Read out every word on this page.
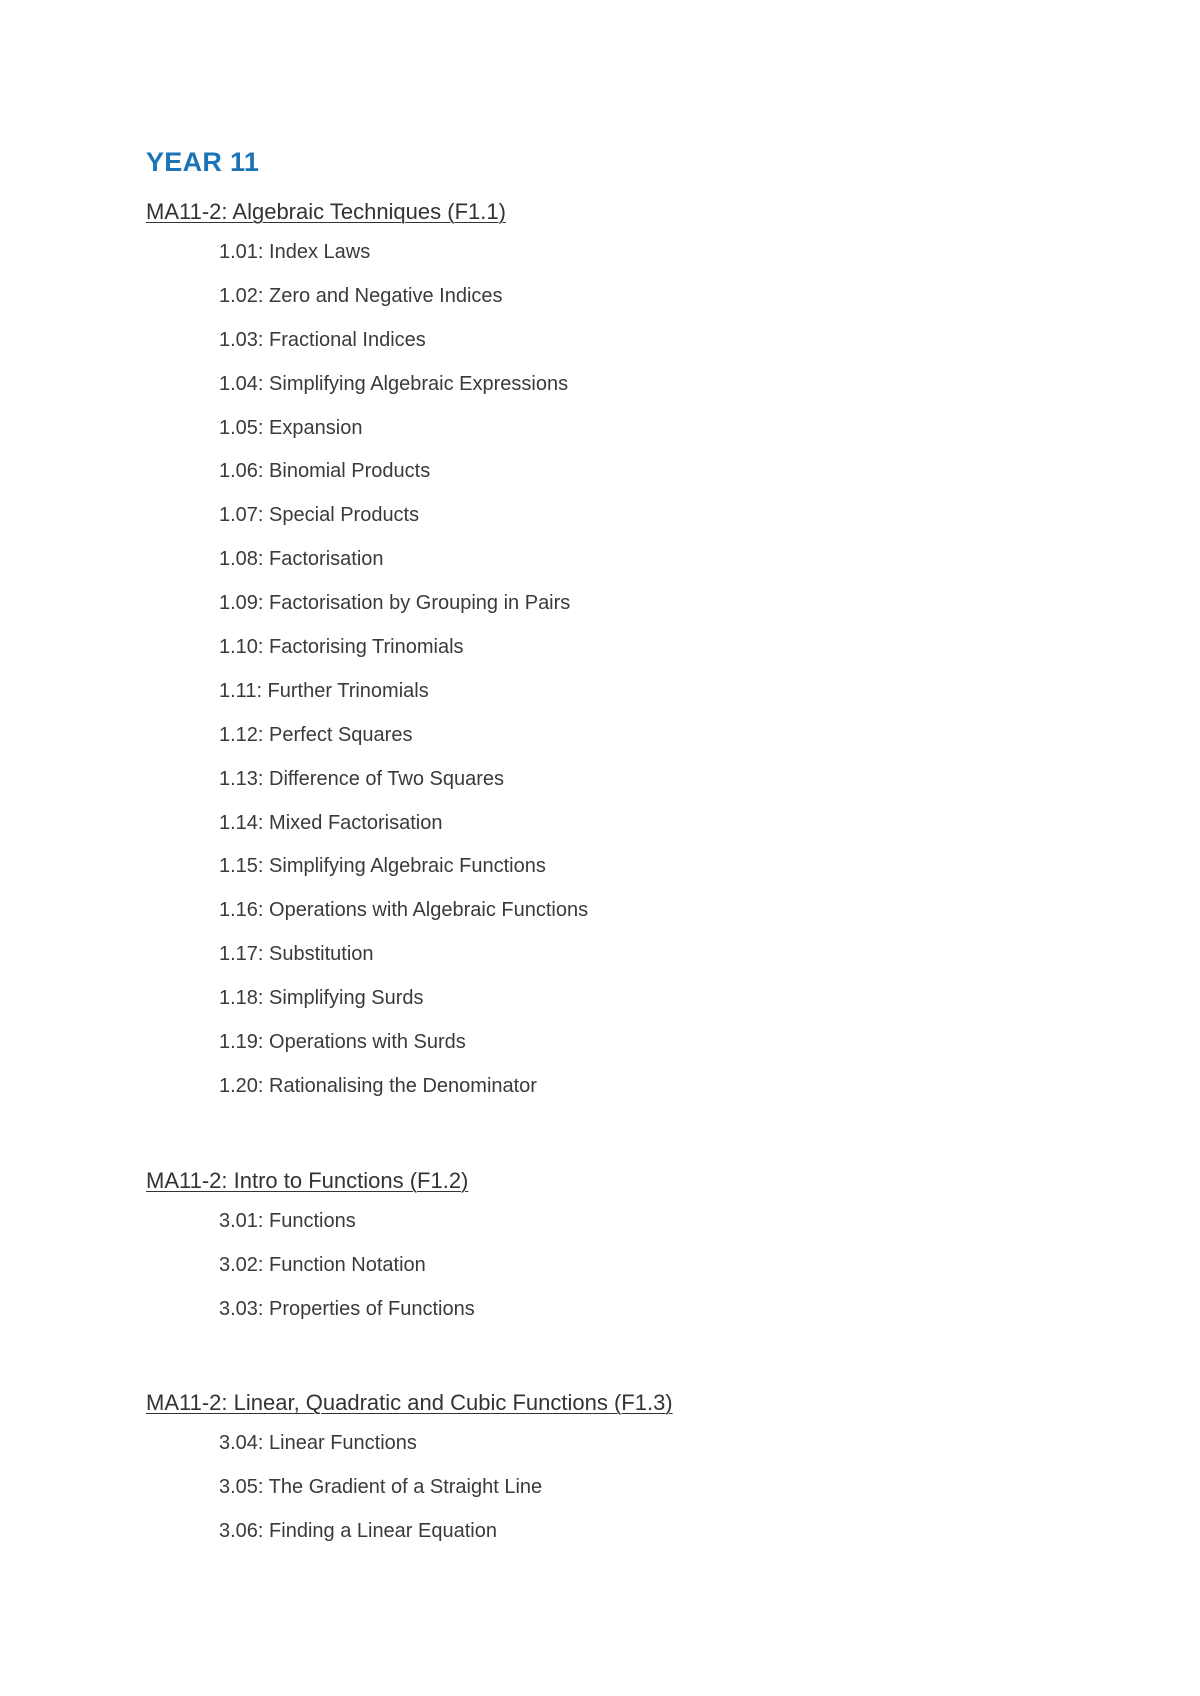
YEAR 11
MA11-2: Algebraic Techniques (F1.1)
1.01: Index Laws
1.02: Zero and Negative Indices
1.03: Fractional Indices
1.04: Simplifying Algebraic Expressions
1.05: Expansion
1.06: Binomial Products
1.07: Special Products
1.08: Factorisation
1.09: Factorisation by Grouping in Pairs
1.10: Factorising Trinomials
1.11: Further Trinomials
1.12: Perfect Squares
1.13: Difference of Two Squares
1.14: Mixed Factorisation
1.15: Simplifying Algebraic Functions
1.16: Operations with Algebraic Functions
1.17: Substitution
1.18: Simplifying Surds
1.19: Operations with Surds
1.20: Rationalising the Denominator
MA11-2: Intro to Functions (F1.2)
3.01: Functions
3.02: Function Notation
3.03: Properties of Functions
MA11-2: Linear, Quadratic and Cubic Functions (F1.3)
3.04: Linear Functions
3.05: The Gradient of a Straight Line
3.06: Finding a Linear Equation
